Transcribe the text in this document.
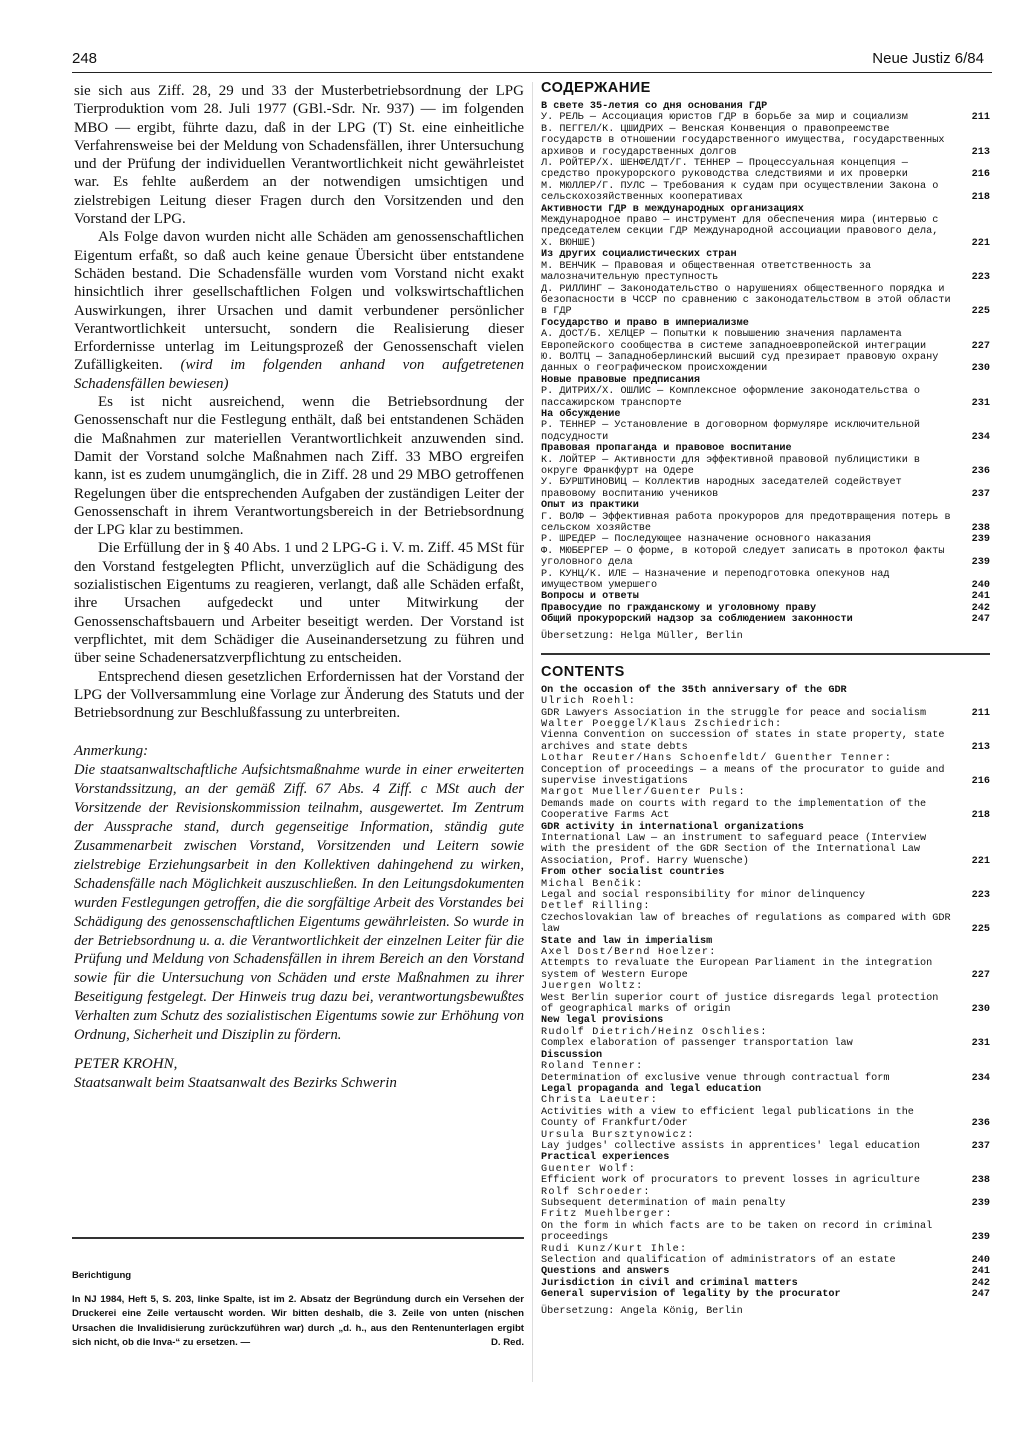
248	Neue Justiz 6/84

sie sich aus Ziff. 28, 29 und 33 der Musterbetriebsordnung der LPG Tierproduktion vom 28. Juli 1977 (GBl.-Sdr. Nr. 937) — im folgenden MBO — ergibt, führte dazu, daß in der LPG (T) St. eine einheitliche Verfahrensweise bei der Meldung von Schadensfällen, ihrer Untersuchung und der Prüfung der individuellen Verantwortlichkeit nicht gewährleistet war. Es fehlte außerdem an der notwendigen umsichtigen und zielstrebigen Leitung dieser Fragen durch den Vorsitzenden und den Vorstand der LPG.

Als Folge davon wurden nicht alle Schäden am genossenschaftlichen Eigentum erfaßt, so daß auch keine genaue Übersicht über entstandene Schäden bestand. Die Schadensfälle wurden vom Vorstand nicht exakt hinsichtlich ihrer gesellschaftlichen Folgen und volkswirtschaftlichen Auswirkungen, ihrer Ursachen und damit verbundener persönlicher Verantwortlichkeit untersucht, sondern die Realisierung dieser Erfordernisse unterlag im Leitungsprozeß der Genossenschaft vielen Zufälligkeiten. (wird im folgenden anhand von aufgetretenen Schadensfällen bewiesen)

Es ist nicht ausreichend, wenn die Betriebsordnung der Genossenschaft nur die Festlegung enthält, daß bei entstandenen Schäden die Maßnahmen zur materiellen Verantwortlichkeit anzuwenden sind. Damit der Vorstand solche Maßnahmen nach Ziff. 33 MBO ergreifen kann, ist es zudem unumgänglich, die in Ziff. 28 und 29 MBO getroffenen Regelungen über die entsprechenden Aufgaben der zuständigen Leiter der Genossenschaft in ihrem Verantwortungsbereich in der Betriebsordnung der LPG klar zu bestimmen.

Die Erfüllung der in § 40 Abs. 1 und 2 LPG-G i. V. m. Ziff. 45 MSt für den Vorstand festgelegten Pflicht, unverzüglich auf die Schädigung des sozialistischen Eigentums zu reagieren, verlangt, daß alle Schäden erfaßt, ihre Ursachen aufgedeckt und unter Mitwirkung der Genossenschaftsbauern und Arbeiter beseitigt werden. Der Vorstand ist verpflichtet, mit dem Schädiger die Auseinandersetzung zu führen und über seine Schadenersatzverpflichtung zu entscheiden.

Entsprechend diesen gesetzlichen Erfordernissen hat der Vorstand der LPG der Vollversammlung eine Vorlage zur Änderung des Statuts und der Betriebsordnung zur Beschlußfassung zu unterbreiten.

Anmerkung:

Die staatsanwaltschaftliche Aufsichtsmaßnahme wurde in einer erweiterten Vorstandssitzung, an der gemäß Ziff. 67 Abs. 4 Ziff. c MSt auch der Vorsitzende der Revisionskommission teilnahm, ausgewertet. Im Zentrum der Aussprache stand, durch gegenseitige Information, ständig gute Zusammenarbeit zwischen Vorstand, Vorsitzenden und Leitern sowie zielstrebige Erziehungsarbeit in den Kollektiven dahingehend zu wirken, Schadensfälle nach Möglichkeit auszuschließen. In den Leitungsdokumenten wurden Festlegungen getroffen, die die sorgfältige Arbeit des Vorstandes bei Schädigung des genossenschaftlichen Eigentums gewährleisten. So wurde in der Betriebsordnung u. a. die Verantwortlichkeit der einzelnen Leiter für die Prüfung und Meldung von Schadensfällen in ihrem Bereich an den Vorstand sowie für die Untersuchung von Schäden und erste Maßnahmen zu ihrer Beseitigung festgelegt. Der Hinweis trug dazu bei, verantwortungsbewußtes Verhalten zum Schutz des sozialistischen Eigentums sowie zur Erhöhung von Ordnung, Sicherheit und Disziplin zu fördern.

PETER KROHN,
Staatsanwalt beim Staatsanwalt des Bezirks Schwerin
Berichtigung
In NJ 1984, Heft 5, S. 203, linke Spalte, ist im 2. Absatz der Begründung durch ein Versehen der Druckerei eine Zeile vertauscht worden. Wir bitten deshalb, die 3. Zeile von unten (nischen Ursachen die Invalidisierung zurückzuführen war) durch „d. h., aus den Rentenunterlagen ergibt sich nicht, ob die Inva-“ zu ersetzen. —	D. Red.
СОДЕРЖАНИЕ
В свете 35-летия со дня основания ГДР
У. РЕЛЬ — Ассоциация юристов ГДР в борьбе за мир и социализм	211
В. ПЕГГЕЛ/К. ЦШИДРИХ — Венская Конвенция о правопреемстве государств в отношении государственного имущества, государственных архивов и государственных долгов	213
Л. РОЙТЕР/Х. ШЕНФЕЛДТ/Г. ТЕННЕР — Процессуальная концепция — средство прокурорского руководства следствиями и их проверки	216
М. МЮЛЛЕР/Г. ПУЛС — Требования к судам при осуществлении Закона о сельскохозяйственных кооперативах	218
Активности ГДР в международных организациях
Международное право — инструмент для обеспечения мира (интервью с председателем секции ГДР Международной ассоциации правового дела, Х. ВЮНШЕ)	221
Из других социалистических стран
М. ВЕНЧИК — Правовая и общественная ответственность за малозначительную преступность	223
Д. РИЛЛИНГ — Законодательство о нарушениях общественного порядка и безопасности в ЧССР по сравнению с законодательством в этой области в ГДР	225
Государство и право в империализме
А. ДОСТ/Б. ХЕЛЦЕР — Попытки к повышению значения парламента Европейского сообщества в системе западноевропейской интеграции	227
Ю. ВОЛТЦ — Западноберлинский высший суд презирает правовую охрану данных о географическом происхождении	230
Новые правовые предписания
Р. ДИТРИХ/Х. ОШЛИС — Комплексное оформление законодательства о пассажирском транспорте	231
На обсуждение
Р. ТЕННЕР — Установление в договорном формуляре исключительной подсудности	234
Правовая пропаганда и правовое воспитание
К. ЛОЙТЕР — Активности для эффективной правовой публицистики в округе Франкфурт на Одере	236
У. БУРШТИНОВИЦ — Коллектив народных заседателей содействует правовому воспитанию учеников	237
Опыт из практики
Г. ВОЛФ — Эффективная работа прокуроров для предотвращения потерь в сельском хозяйстве	238
Р. ШРЕДЕР — Последующее назначение основного наказания	239
Ф. МЮБЕРГЕР — О форме, в которой следует записать в протокол факты уголовного дела	239
Р. КУНЦ/К. ИЛЕ — Назначение и переподготовка опекунов над имуществом умершего	240
Вопросы и ответы	241
Правосудие по гражданскому и уголовному праву	242
Общий прокурорский надзор за соблюдением законности	247
Übersetzung: Helga Müller, Berlin
CONTENTS
On the occasion of the 35th anniversary of the GDR
Ulrich Roehl:
GDR Lawyers Association in the struggle for peace and socialism	211
Walter Poeggel/Klaus Zschiedrich:
Vienna Convention on succession of states in state property, state archives and state debts	213
Lothar Reuter/Hans Schoenfeldt/ Guenther Tenner:
Conception of proceedings — a means of the procurator to guide and supervise investigations	216
Margot Mueller/Guenter Puls:
Demands made on courts with regard to the implementation of the Cooperative Farms Act	218
GDR activity in international organizations
International Law — an instrument to safeguard peace (Interview with the president of the GDR Section of the International Law Association, Prof. Harry Wuensche)	221
From other socialist countries
Michal Benčik:
Legal and social responsibility for minor delinquency	223
Detlef Rilling:
Czechoslovakian law of breaches of regulations as compared with GDR law	225
State and law in imperialism
Axel Dost/Bernd Hoelzer:
Attempts to revaluate the European Parliament in the integration system of Western Europe	227
Juergen Woltz:
West Berlin superior court of justice disregards legal protection of geographical marks of origin	230
New legal provisions
Rudolf Dietrich/Heinz Oschlies:
Complex elaboration of passenger transportation law	231
Discussion
Roland Tenner:
Determination of exclusive venue through contractual form	234
Legal propaganda and legal education
Christa Laeuter:
Activities with a view to efficient legal publications in the County of Frankfurt/Oder	236
Ursula Bursztynowicz:
Lay judges' collective assists in apprentices' legal education	237
Practical experiences
Guenter Wolf:
Efficient work of procurators to prevent losses in agriculture	238
Rolf Schroeder:
Subsequent determination of main penalty	239
Fritz Muehlberger:
On the form in which facts are to be taken on record in criminal proceedings	239
Rudi Kunz/Kurt Ihle:
Selection and qualification of administrators of an estate	240
Questions and answers	241
Jurisdiction in civil and criminal matters	242
General supervision of legality by the procurator	247
Übersetzung: Angela König, Berlin
